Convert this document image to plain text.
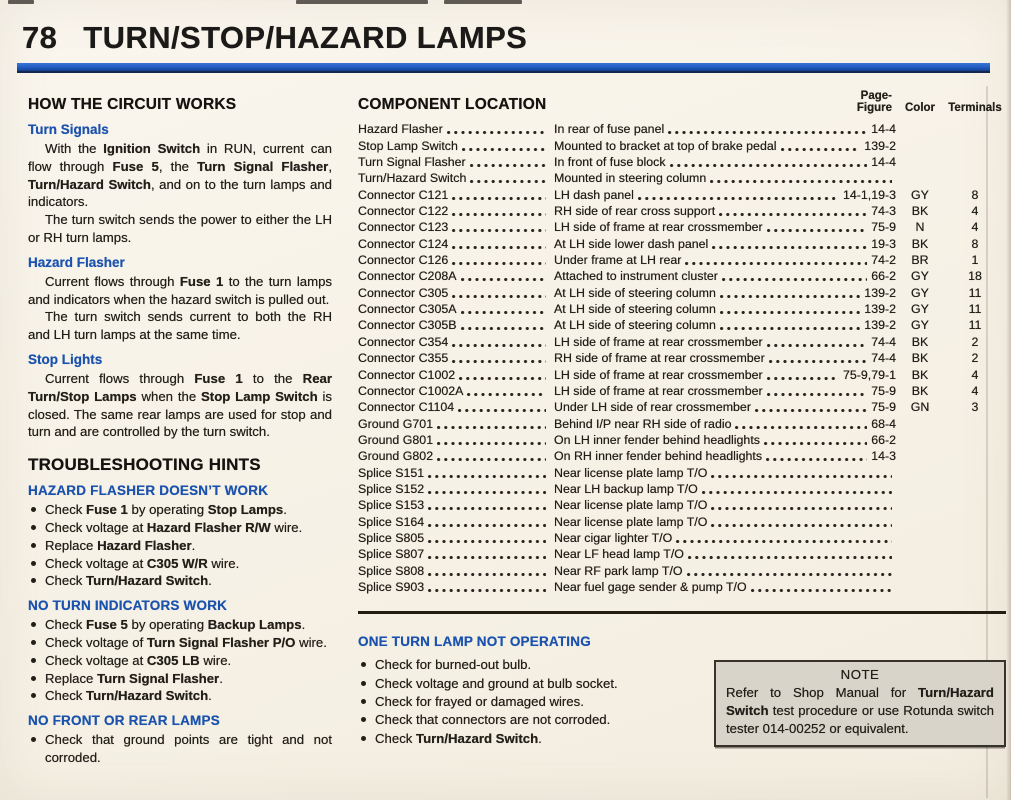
78 TURN/STOP/HAZARD LAMPS
HOW THE CIRCUIT WORKS
Turn Signals

With the Ignition Switch in RUN, current can flow through Fuse 5, the Turn Signal Flasher, Turn/Hazard Switch, and on to the turn lamps and indicators.

The turn switch sends the power to either the LH or RH turn lamps.

Hazard Flasher

Current flows through Fuse 1 to the turn lamps and indicators when the hazard switch is pulled out.

The turn switch sends current to both the RH and LH turn lamps at the same time.

Stop Lights

Current flows through Fuse 1 to the Rear Turn/Stop Lamps when the Stop Lamp Switch is closed. The same rear lamps are used for stop and turn and are controlled by the turn switch.

TROUBLESHOOTING HINTS
HAZARD FLASHER DOESN’T WORK
Check Fuse 1 by operating Stop Lamps.
Check voltage at Hazard Flasher R/W wire.
Replace Hazard Flasher.
Check voltage at C305 W/R wire.
Check Turn/Hazard Switch.
NO TURN INDICATORS WORK
Check Fuse 5 by operating Backup Lamps.
Check voltage of Turn Signal Flasher P/O wire.
Check voltage at C305 LB wire.
Replace Turn Signal Flasher.
Check Turn/Hazard Switch.
NO FRONT OR REAR LAMPS
Check that ground points are tight and not corroded.
COMPONENT LOCATION	Page-
Figure	Color	Terminals
Hazard Flasher	In rear of fuse panel	14-4
Stop Lamp Switch	Mounted to bracket at top of brake pedal	139-2
Turn Signal Flasher	In front of fuse block	14-4
Turn/Hazard Switch	Mounted in steering column
Connector C121	LH dash panel	14-1,19-3	GY	8
Connector C122	RH side of rear cross support	74-3	BK	4
Connector C123	LH side of frame at rear crossmember	75-9	N	4
Connector C124	At LH side lower dash panel	19-3	BK	8
Connector C126	Under frame at LH rear	74-2	BR	1
Connector C208A	Attached to instrument cluster	66-2	GY	18
Connector C305	At LH side of steering column	139-2	GY	11
Connector C305A	At LH side of steering column	139-2	GY	11
Connector C305B	At LH side of steering column	139-2	GY	11
Connector C354	LH side of frame at rear crossmember	74-4	BK	2
Connector C355	RH side of frame at rear crossmember	74-4	BK	2
Connector C1002	LH side of frame at rear crossmember	75-9,79-1	BK	4
Connector C1002A	LH side of frame at rear crossmember	75-9	BK	4
Connector C1104	Under LH side of rear crossmember	75-9	GN	3
Ground G701	Behind I/P near RH side of radio	68-4
Ground G801	On LH inner fender behind headlights	66-2
Ground G802	On RH inner fender behind headlights	14-3
Splice S151	Near license plate lamp T/O
Splice S152	Near LH backup lamp T/O
Splice S153	Near license plate lamp T/O
Splice S164	Near license plate lamp T/O
Splice S805	Near cigar lighter T/O
Splice S807	Near LF head lamp T/O
Splice S808	Near RF park lamp T/O
Splice S903	Near fuel gage sender & pump T/O
ONE TURN LAMP NOT OPERATING
Check for burned-out bulb.
Check voltage and ground at bulb socket.
Check for frayed or damaged wires.
Check that connectors are not corroded.
Check Turn/Hazard Switch.
NOTE

Refer to Shop Manual for Turn/Hazard Switch test procedure or use Rotunda switch tester 014-00252 or equivalent.
